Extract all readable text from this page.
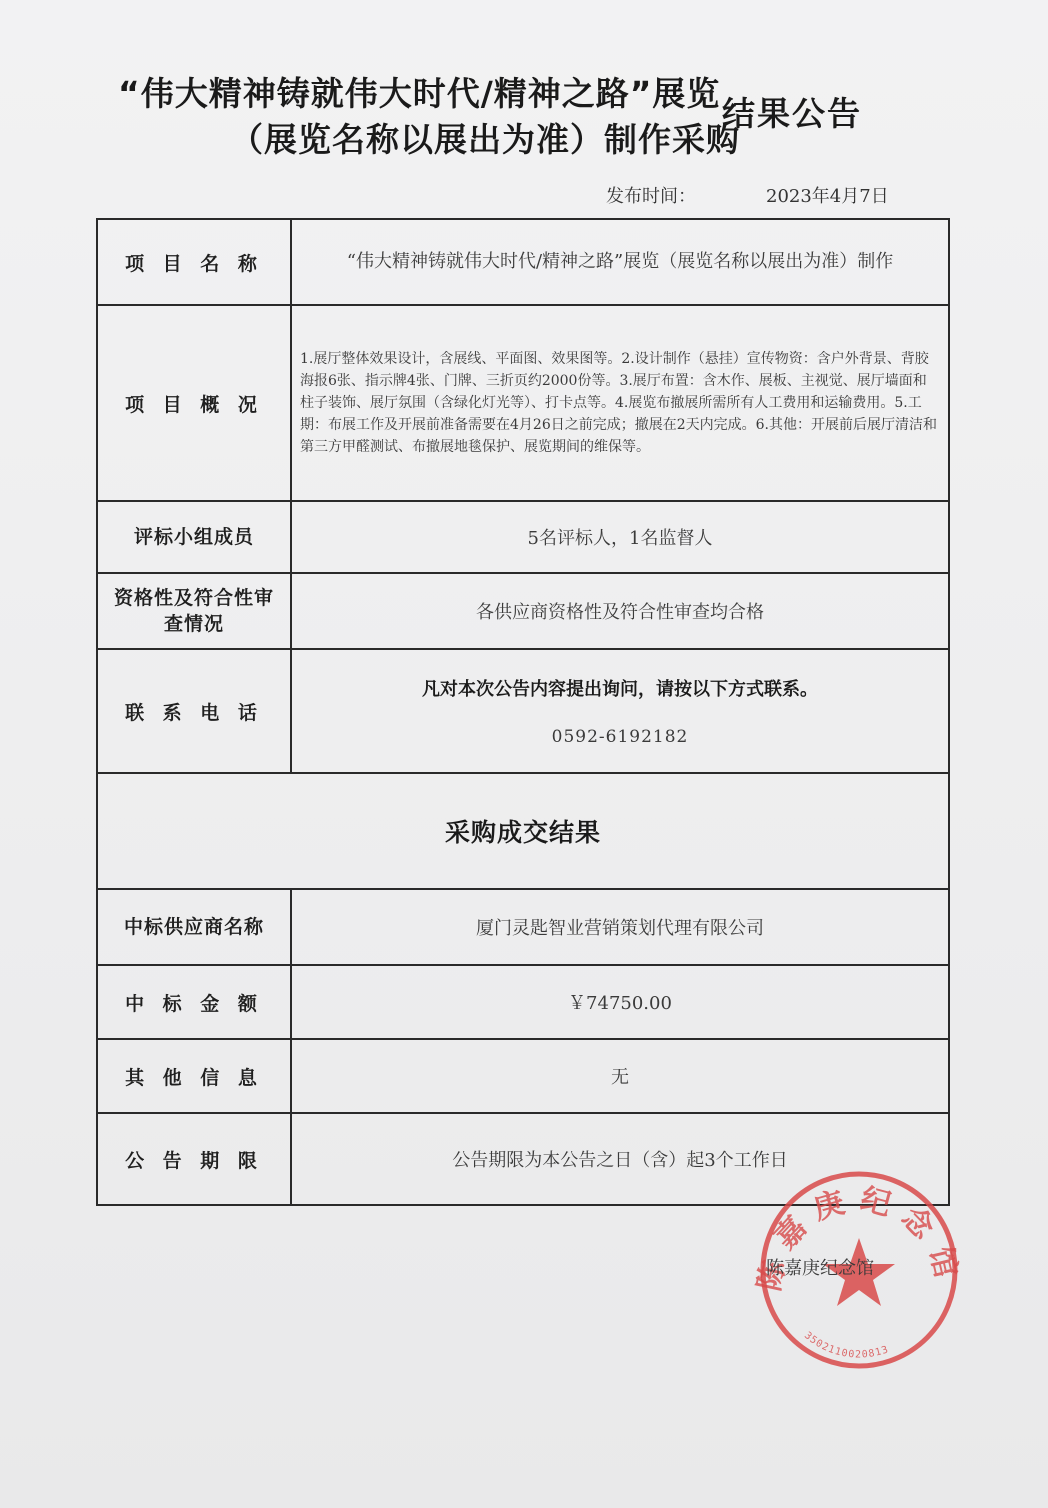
“伟大精神铸就伟大时代/精神之路”展览
（展览名称以展出为准）制作采购
结果公告
发布时间：	2023年4月7日
项 目 名 称	“伟大精神铸就伟大时代/精神之路”展览（展览名称以展出为准）制作
项 目 概 况	1.展厅整体效果设计，含展线、平面图、效果图等。2.设计制作（悬挂）宣传物资：含户外背景、背胶海报6张、指示牌4张、门牌、三折页约2000份等。3.展厅布置：含木作、展板、主视觉、展厅墙面和柱子装饰、展厅氛围（含绿化灯光等）、打卡点等。4.展览布撤展所需所有人工费用和运输费用。5.工期：布展工作及开展前准备需要在4月26日之前完成；撤展在2天内完成。6.其他：开展前后展厅清洁和第三方甲醛测试、布撤展地毯保护、展览期间的维保等。
评标小组成员	5名评标人，1名监督人
资格性及符合性审查情况	各供应商资格性及符合性审查均合格
联 系 电 话	凡对本次公告内容提出询问，请按以下方式联系。
0592-6192182

采购成交结果	
中标供应商名称	厦门灵匙智业营销策划代理有限公司
中 标 金 额	￥74750.00
其 他 信 息	无
公 告 期 限	公告期限为本公告之日（含）起3个工作日
陈嘉庚纪念馆
3502110020813
陈嘉庚纪念馆
